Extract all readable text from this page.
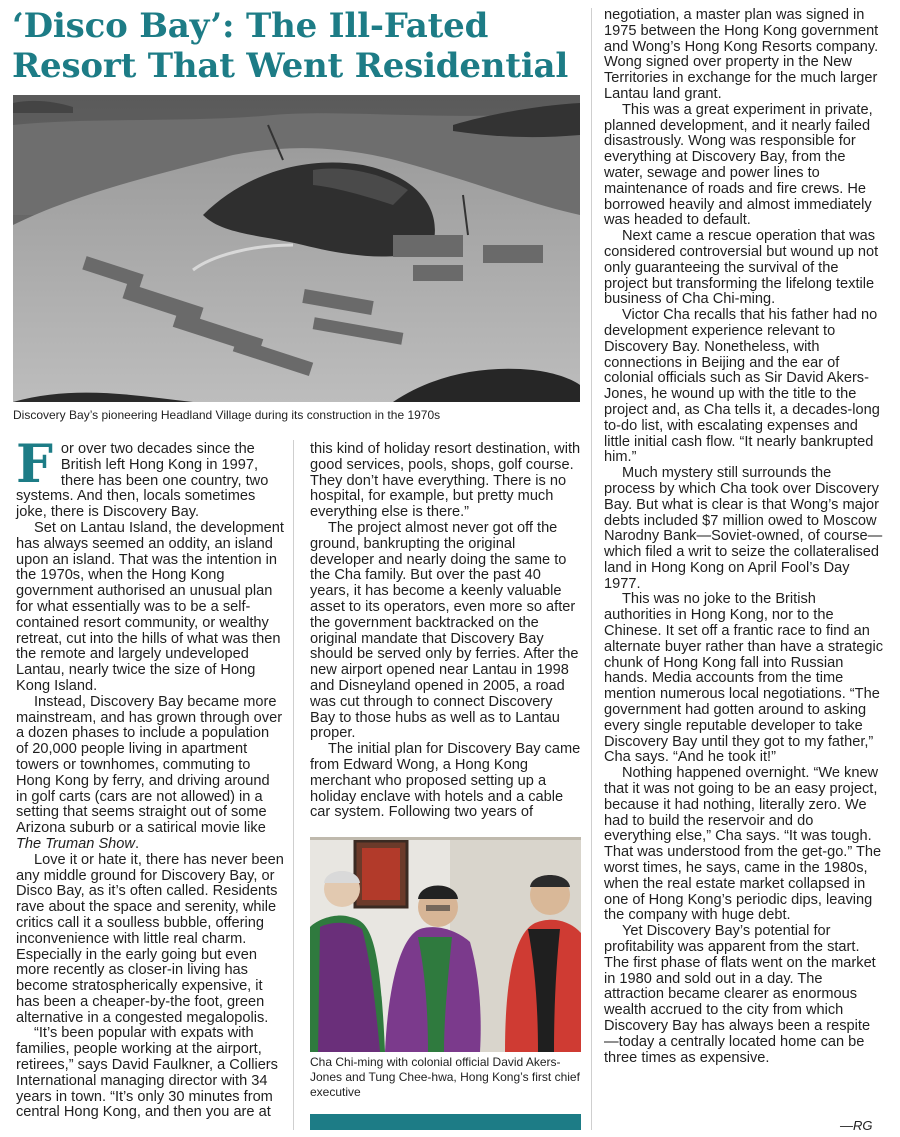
‘Disco Bay’: The Ill-Fated Resort That Went Residential

Discovery Bay’s pioneering Headland Village during its construction in the 1970s

For over two decades since the British left Hong Kong in 1997, there has been one country, two systems. And then, locals sometimes joke, there is Discovery Bay.

Set on Lantau Island, the development has always seemed an oddity, an island upon an island. That was the intention in the 1970s, when the Hong Kong government authorised an unusual plan for what essentially was to be a self-contained resort community, or wealthy retreat, cut into the hills of what was then the remote and largely undeveloped Lantau, nearly twice the size of Hong Kong Island.

Instead, Discovery Bay became more mainstream, and has grown through over a dozen phases to include a population of 20,000 people living in apartment towers or townhomes, commuting to Hong Kong by ferry, and driving around in golf carts (cars are not allowed) in a setting that seems straight out of some Arizona suburb or a satirical movie like The Truman Show.

Love it or hate it, there has never been any middle ground for Discovery Bay, or Disco Bay, as it’s often called. Residents rave about the space and serenity, while critics call it a soulless bubble, offering inconvenience with little real charm. Especially in the early going but even more recently as closer-in living has become stratospherically expensive, it has been a cheaper-by-the foot, green alternative in a congested megalopolis.

“It’s been popular with expats with families, people working at the airport, retirees,” says David Faulkner, a Colliers International managing director with 34 years in town. “It’s only 30 minutes from central Hong Kong, and then you are at

this kind of holiday resort destination, with good services, pools, shops, golf course. They don’t have everything. There is no hospital, for example, but pretty much everything else is there.”

The project almost never got off the ground, bankrupting the original developer and nearly doing the same to the Cha family. But over the past 40 years, it has become a keenly valuable asset to its operators, even more so after the government backtracked on the original mandate that Discovery Bay should be served only by ferries. After the new airport opened near Lantau in 1998 and Disneyland opened in 2005, a road was cut through to connect Discovery Bay to those hubs as well as to Lantau proper.

The initial plan for Discovery Bay came from Edward Wong, a Hong Kong merchant who proposed setting up a holiday enclave with hotels and a cable car system. Following two years of

Cha Chi-ming with colonial official David Akers-Jones and Tung Chee-hwa, Hong Kong’s first chief executive

negotiation, a master plan was signed in 1975 between the Hong Kong government and Wong’s Hong Kong Resorts company. Wong signed over property in the New Territories in exchange for the much larger Lantau land grant.

This was a great experiment in private, planned development, and it nearly failed disastrously. Wong was responsible for everything at Discovery Bay, from the water, sewage and power lines to maintenance of roads and fire crews. He borrowed heavily and almost immediately was headed to default.

Next came a rescue operation that was considered controversial but wound up not only guaranteeing the survival of the project but transforming the lifelong textile business of Cha Chi-ming.

Victor Cha recalls that his father had no development experience relevant to Discovery Bay. Nonetheless, with connections in Beijing and the ear of colonial officials such as Sir David Akers-Jones, he wound up with the title to the project and, as Cha tells it, a decades-long to-do list, with escalating expenses and little initial cash flow. “It nearly bankrupted him.”

Much mystery still surrounds the process by which Cha took over Discovery Bay. But what is clear is that Wong’s major debts included $7 million owed to Moscow Narodny Bank—Soviet-owned, of course—which filed a writ to seize the collateralised land in Hong Kong on April Fool’s Day 1977.

This was no joke to the British authorities in Hong Kong, nor to the Chinese. It set off a frantic race to find an alternate buyer rather than have a strategic chunk of Hong Kong fall into Russian hands. Media accounts from the time mention numerous local negotiations. “The government had gotten around to asking every single reputable developer to take Discovery Bay until they got to my father,” Cha says. “And he took it!”

Nothing happened overnight. “We knew that it was not going to be an easy project, because it had nothing, literally zero. We had to build the reservoir and do everything else,” Cha says. “It was tough. That was understood from the get-go.” The worst times, he says, came in the 1980s, when the real estate market collapsed in one of Hong Kong’s periodic dips, leaving the company with huge debt.

Yet Discovery Bay’s potential for profitability was apparent from the start. The first phase of flats went on the market in 1980 and sold out in a day. The attraction became clearer as enormous wealth accrued to the city from which Discovery Bay has always been a respite—today a centrally located home can be three times as expensive.

—RG
